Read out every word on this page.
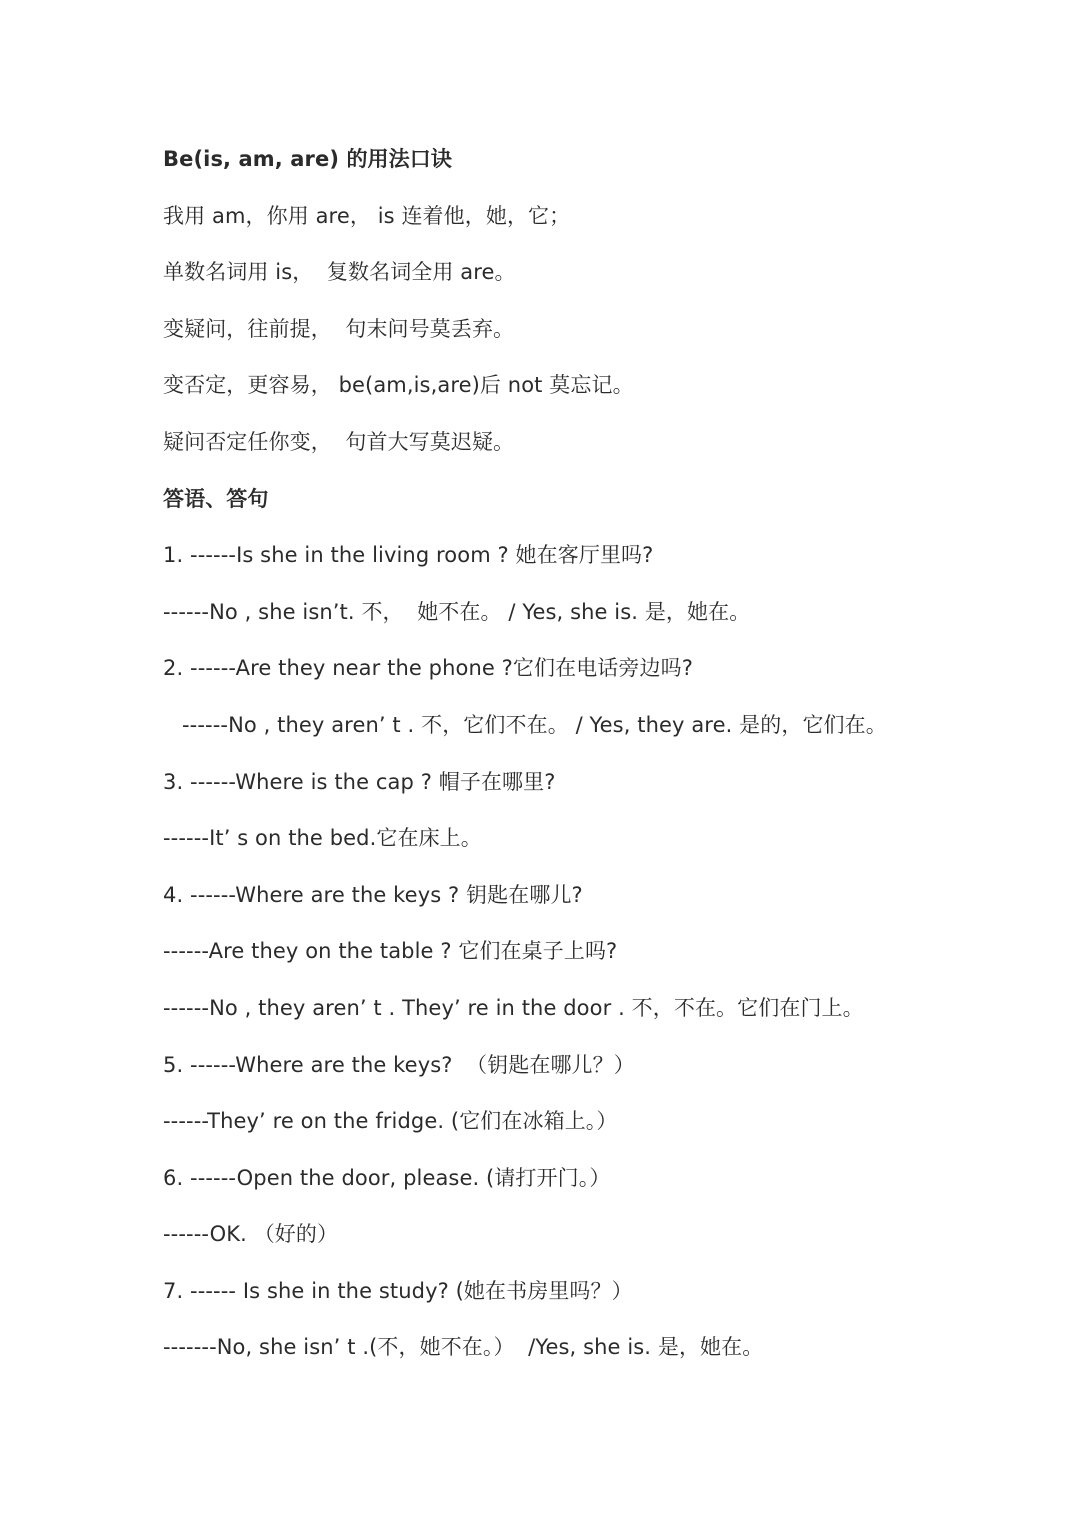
Be(is, am, are) 的用法口诀
我用 am，你用 are， is 连着他，她，它；
单数名词用 is，  复数名词全用 are。
变疑问，往前提，  句末问号莫丢弃。
变否定，更容易， be(am,is,are)后 not 莫忘记。
疑问否定任你变，  句首大写莫迟疑。
答语、答句
1. ------Is she in the living room ? 她在客厅里吗?
------No , she isn’t. 不，  她不在。 / Yes, she is. 是，她在。
2. ------Are they near the phone ?它们在电话旁边吗?
------No , they aren’ t . 不，它们不在。 / Yes, they are. 是的，它们在。
3. ------Where is the cap ? 帽子在哪里?
------It’ s on the bed.它在床上。
4. ------Where are the keys ? 钥匙在哪儿?
------Are they on the table ? 它们在桌子上吗?
------No , they aren’ t . They’ re in the door . 不，不在。它们在门上。
5. ------Where are the keys?  （钥匙在哪儿？）
------They’ re on the fridge. (它们在冰箱上。）
6. ------Open the door, please. (请打开门。）
------OK. （好的）
7. ------ Is she in the study? (她在书房里吗？）
-------No, she isn’ t .(不，她不在。）  /Yes, she is. 是，她在。
